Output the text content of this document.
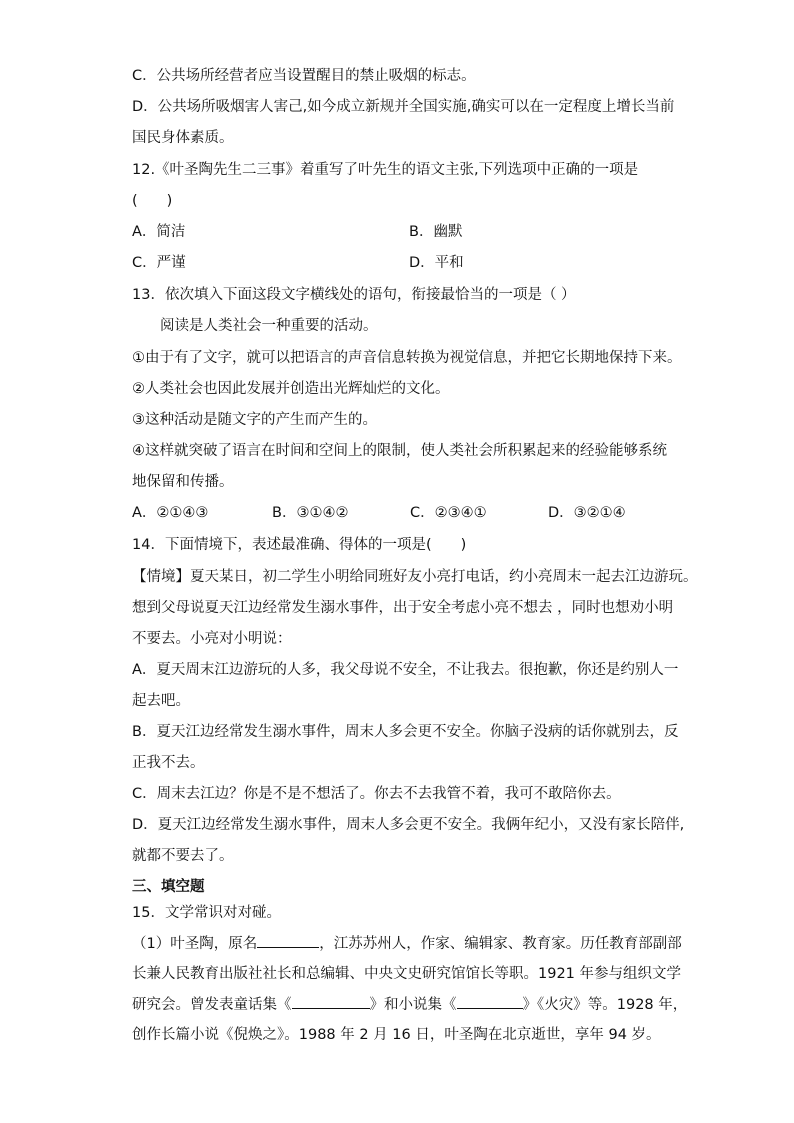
C．公共场所经营者应当设置醒目的禁止吸烟的标志。
D．公共场所吸烟害人害己,如今成立新规并全国实施,确实可以在一定程度上增长当前
国民身体素质。
12.《叶圣陶先生二三事》着重写了叶先生的语文主张,下列选项中正确的一项是
(　　)
A．简洁	B．幽默
C．严谨	D．平和
13．依次填入下面这段文字横线处的语句，衔接最恰当的一项是（ ）
阅读是人类社会一种重要的活动。
①由于有了文字，就可以把语言的声音信息转换为视觉信息，并把它长期地保持下来。
②人类社会也因此发展并创造出光辉灿烂的文化。
③这种活动是随文字的产生而产生的。
④这样就突破了语言在时间和空间上的限制，使人类社会所积累起来的经验能够系统
地保留和传播。
A．②①④③	B．③①④②	C．②③④①	D．③②①④
14．下面情境下，表述最准确、得体的一项是(　　)
【情境】夏天某日，初二学生小明给同班好友小亮打电话，约小亮周末一起去江边游玩。
想到父母说夏天江边经常发生溺水事件，出于安全考虑小亮不想去 ，同时也想劝小明
不要去。小亮对小明说：
A．夏天周末江边游玩的人多，我父母说不安全，不让我去。很抱歉，你还是约别人一
起去吧。
B．夏天江边经常发生溺水事件，周末人多会更不安全。你脑子没病的话你就别去，反
正我不去。
C．周末去江边？你是不是不想活了。你去不去我管不着，我可不敢陪你去。
D．夏天江边经常发生溺水事件，周末人多会更不安全。我俩年纪小，又没有家长陪伴,
就都不要去了。
三、填空题
15．文学常识对对碰。
（1）叶圣陶，原名	，江苏苏州人，作家、编辑家、教育家。历任教育部副部
长兼人民教育出版社社长和总编辑、中央文史研究馆馆长等职。1921 年参与组织文学
研究会。曾发表童话集《	》和小说集《	》《火灾》等。1928 年，
创作长篇小说《倪焕之》。1988 年 2 月 16 日，叶圣陶在北京逝世，享年 94 岁。
